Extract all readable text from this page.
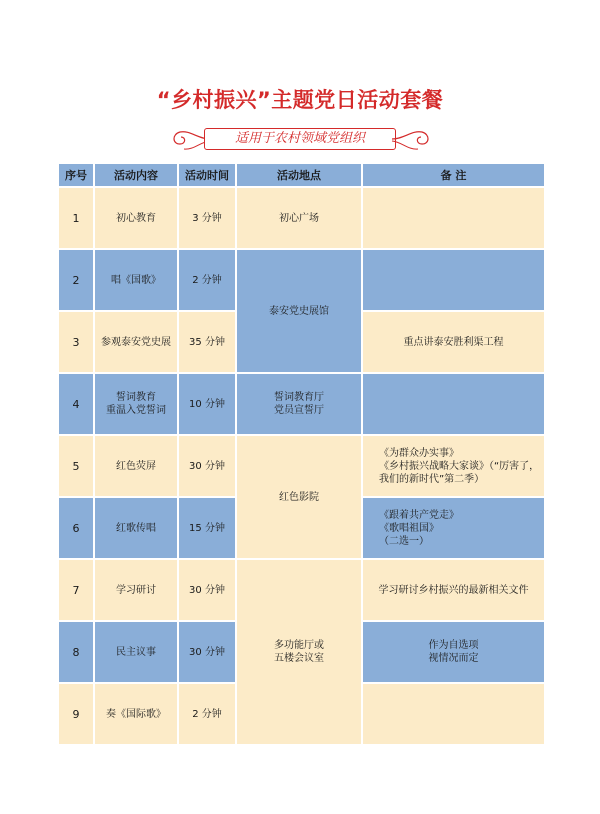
“乡村振兴”主题党日活动套餐
适用于农村领域党组织
序号	活动内容	活动时间	活动地点	备 注
1	初心教育	3 分钟	初心广场	
2	唱《国歌》	2 分钟	泰安党史展馆	
3	参观泰安党史展	35 分钟		重点讲泰安胜利渠工程
4	誓词教育
重温入党誓词	10 分钟	誓词教育厅
党员宣誓厅	
5	红色荧屏	30 分钟	红色影院	《为群众办实事》
《乡村振兴战略大家谈》（“厉害了，
我们的新时代”第二季）
6	红歌传唱	15 分钟		《跟着共产党走》
《歌唱祖国》
（二选一）
7	学习研讨	30 分钟	多功能厅或
五楼会议室	学习研讨乡村振兴的最新相关文件
8	民主议事	30 分钟		作为自选项
视情况而定
9	奏《国际歌》	2 分钟		
